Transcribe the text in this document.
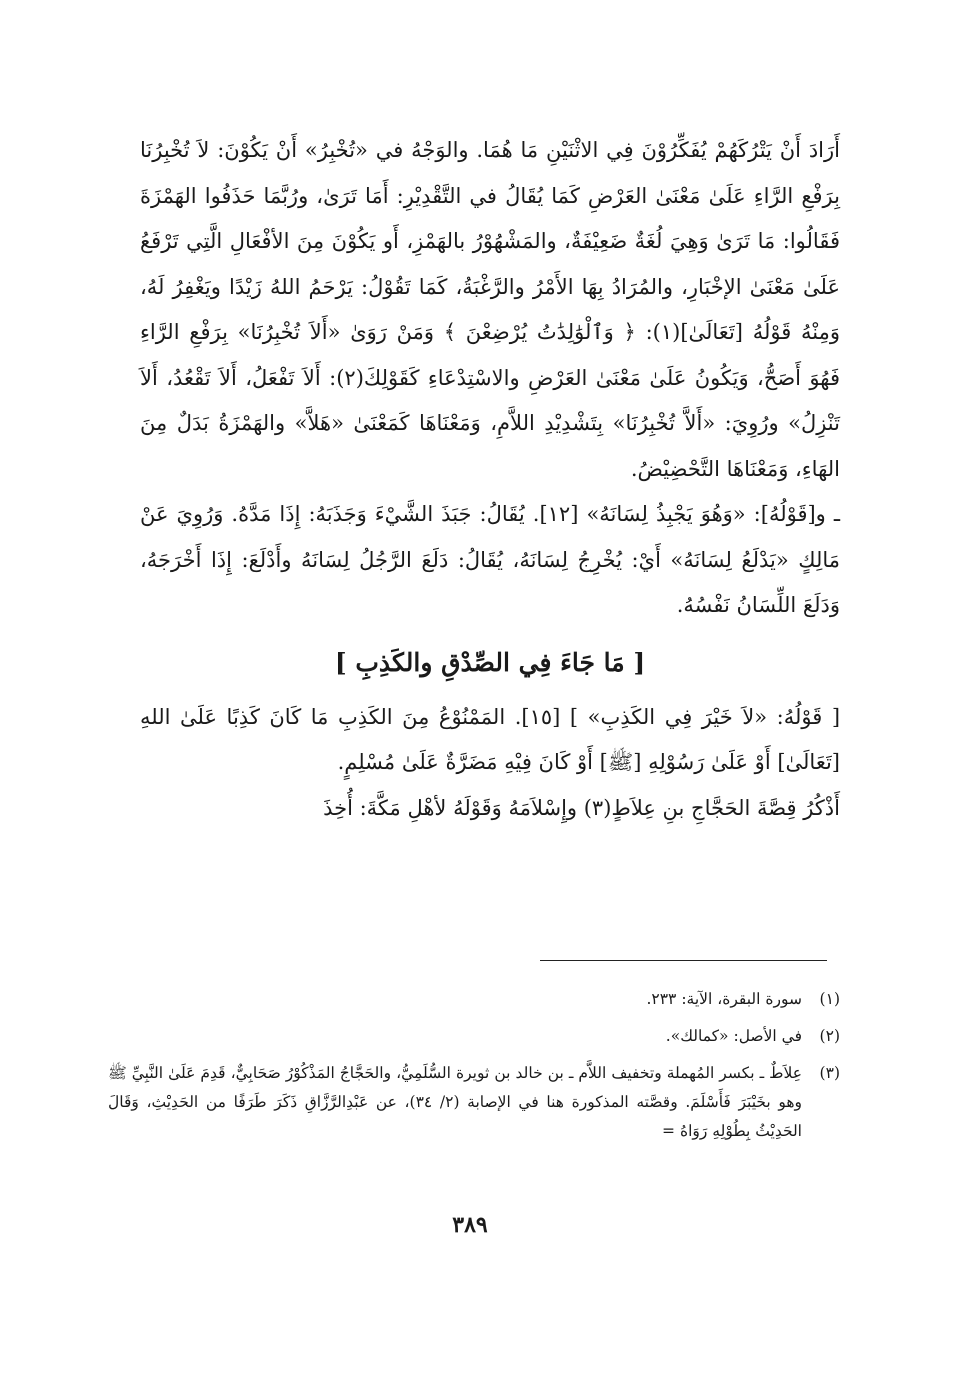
أَرَادَ أَنْ يَتْرُكَهُمْ يُفَكِّرُوْنَ فِي الاثْنَيْنِ مَا هُمَا. والوَجْهُ في «تُخْبِرُ» أَنْ يَكُوْنَ: لاَ تُخْبِرُنَا بِرَفْعِ الرَّاءِ عَلَىٰ مَعْنَىٰ العَرْضِ كَمَا يُقَالُ في التَّقْدِيْرِ: أَمَا تَرَىٰ، ورُبَّمَا حَذَفُوا الهَمْزَةَ فَقَالُوا: مَا تَرَىٰ وَهِيَ لُغَةٌ ضَعِيْفَةٌ، والمَشْهُوْرُ بالهَمْزِ، أَو يَكُوْنَ مِنَ الأفْعَالِ الَّتِي تَرْفَعُ عَلَىٰ مَعْنَىٰ الإخْبَارِ، والمُرَادُ بِهَا الأَمْرُ والرَّغْبَةُ، كَمَا تَقُوْلُ: يَرْحَمُ اللهُ زَيْدًا ويَغْفِرُ لَهُ، وَمِنْهُ قَوْلُهُ [تَعَالَىٰ](١): ﴿ وَٱلْوَٰلِدَٰتُ يُرْضِعْنَ ﴾ وَمَنْ رَوَىٰ «أَلاَ تُخْبِرُنَا» بِرَفْعِ الرَّاءِ فَهُوَ أَصَحُّ، وَيَكُونُ عَلَىٰ مَعْنَىٰ العَرْضِ والاسْتِدْعَاءِ كَقَوْلِكَ(٢): أَلاَ تَفْعَلُ، أَلاَ تَقْعُدُ، أَلاَ تَنْزِلُ» ورُوِيَ: «أَلاَّ تُخْبِرُنَا» بِتَشْدِيْدِ اللاَّمِ، وَمَعْنَاهَا كَمَعْنَىٰ «هَلاَّ» والهَمْزَةُ بَدَلٌ مِنَ الهَاءِ، وَمَعْنَاهَا التَّحْضِيْضُ.

ـ و[قَوْلُهُ]: «وَهُوَ يَجْبِذُ لِسَانَهُ» [١٢]. يُقَالُ: جَبَذَ الشَّيْءَ وَجَذَبَهُ: إِذَا مَدَّهُ. وَرُوِيَ عَنْ مَالِكٍ «يَدْلَعُ لِسَانَهُ» أَيْ: يُخْرِجُ لِسَانَهُ، يُقَالُ: دَلَعَ الرَّجُلُ لِسَانَهُ وأَدْلَعَ: إِذَا أَخْرَجَهُ، وَدَلَعَ اللِّسَانُ نَفْسُهُ.

[ مَا جَاءَ فِي الصِّدْقِ والكَذِبِ ]

[ قَوْلُهُ: «لاَ خَيْرَ فِي الكَذِبِ» ] [١٥]. المَمْنُوْعُ مِنَ الكَذِبِ مَا كَانَ كَذِبًا عَلَىٰ اللهِ [تَعَالَىٰ] أَوْ عَلَىٰ رَسُوْلِهِ [ﷺ] أَوْ كَانَ فِيْهِ مَضَرَّةٌ عَلَىٰ مُسْلِمٍ.

أَذْكُرُ قِصَّةَ الحَجَّاجِ بنِ عِلاَطٍ(٣) وإِسْلاَمَهُ وَقَوْلَهُ لأهْلِ مَكَّةَ: أُخِذَ

(١)
سورة البقرة، الآية: ٢٣٣.
(٢)
في الأصل: «كمالك».
(٣)
عِلاَطٌ ـ بكسر المُهملة وتخفيف اللاَّم ـ بن خالد بن ثويرة السُّلَمِيُّ، والحَجَّاجُ المَذْكُوْرُ صَحَابِيٌّ، قَدِمَ عَلَىٰ النَّبِيِّ ﷺ وهو بخَيْبَرَ فَأَسْلَمَ. وقصَّته المذكورة هنا في الإصابة (٢/ ٣٤)، عن عَبْدِالرَّزَّاقِ ذَكَرَ طَرَفًا من الحَدِيْثِ، وَقَالَ الحَدِيْثُ بِطُوْلِهِ رَوَاهُ =
٣٨٩
